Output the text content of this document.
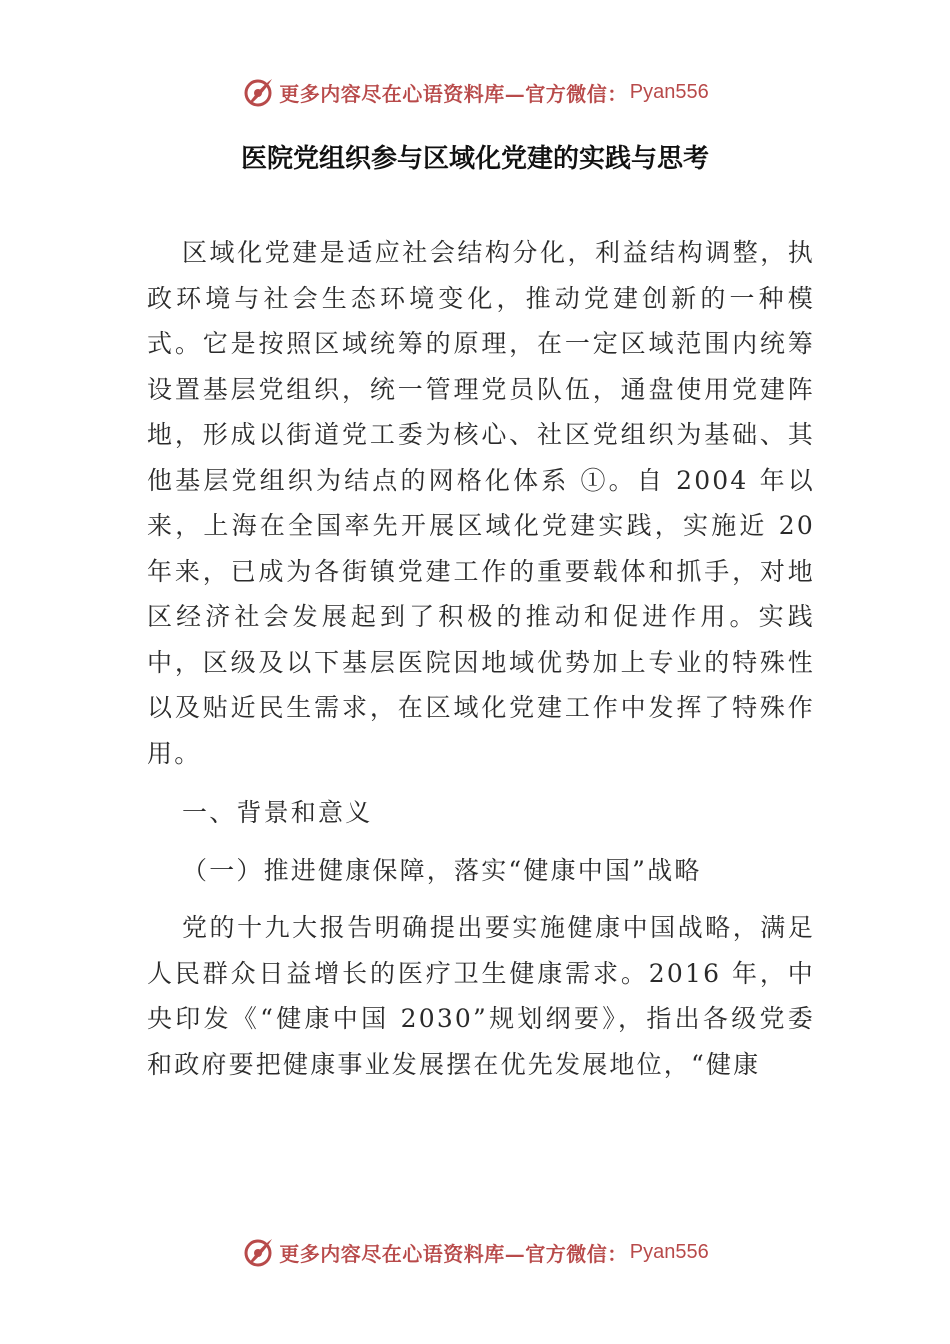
更多内容尽在心语资料库—官方微信： Pyan556
医院党组织参与区域化党建的实践与思考

区域化党建是适应社会结构分化，利益结构调整，执政环境与社会生态环境变化，推动党建创新的一种模式。它是按照区域统筹的原理，在一定区域范围内统筹设置基层党组织，统一管理党员队伍，通盘使用党建阵地，形成以街道党工委为核心、社区党组织为基础、其他基层党组织为结点的网格化体系 ①。自 2004 年以来，上海在全国率先开展区域化党建实践，实施近 20 年来，已成为各街镇党建工作的重要载体和抓手，对地区经济社会发展起到了积极的推动和促进作用。实践中，区级及以下基层医院因地域优势加上专业的特殊性以及贴近民生需求，在区域化党建工作中发挥了特殊作 用。

一、背景和意义

（一）推进健康保障，落实“健康中国”战略

党的十九大报告明确提出要实施健康中国战略，满足人民群众日益增长的医疗卫生健康需求。2016 年，中央印发《“健康中国 2030”规划纲要》，指出各级党委和政府要把健康事业发展摆在优先发展地位，“健康

更多内容尽在心语资料库—官方微信： Pyan556
